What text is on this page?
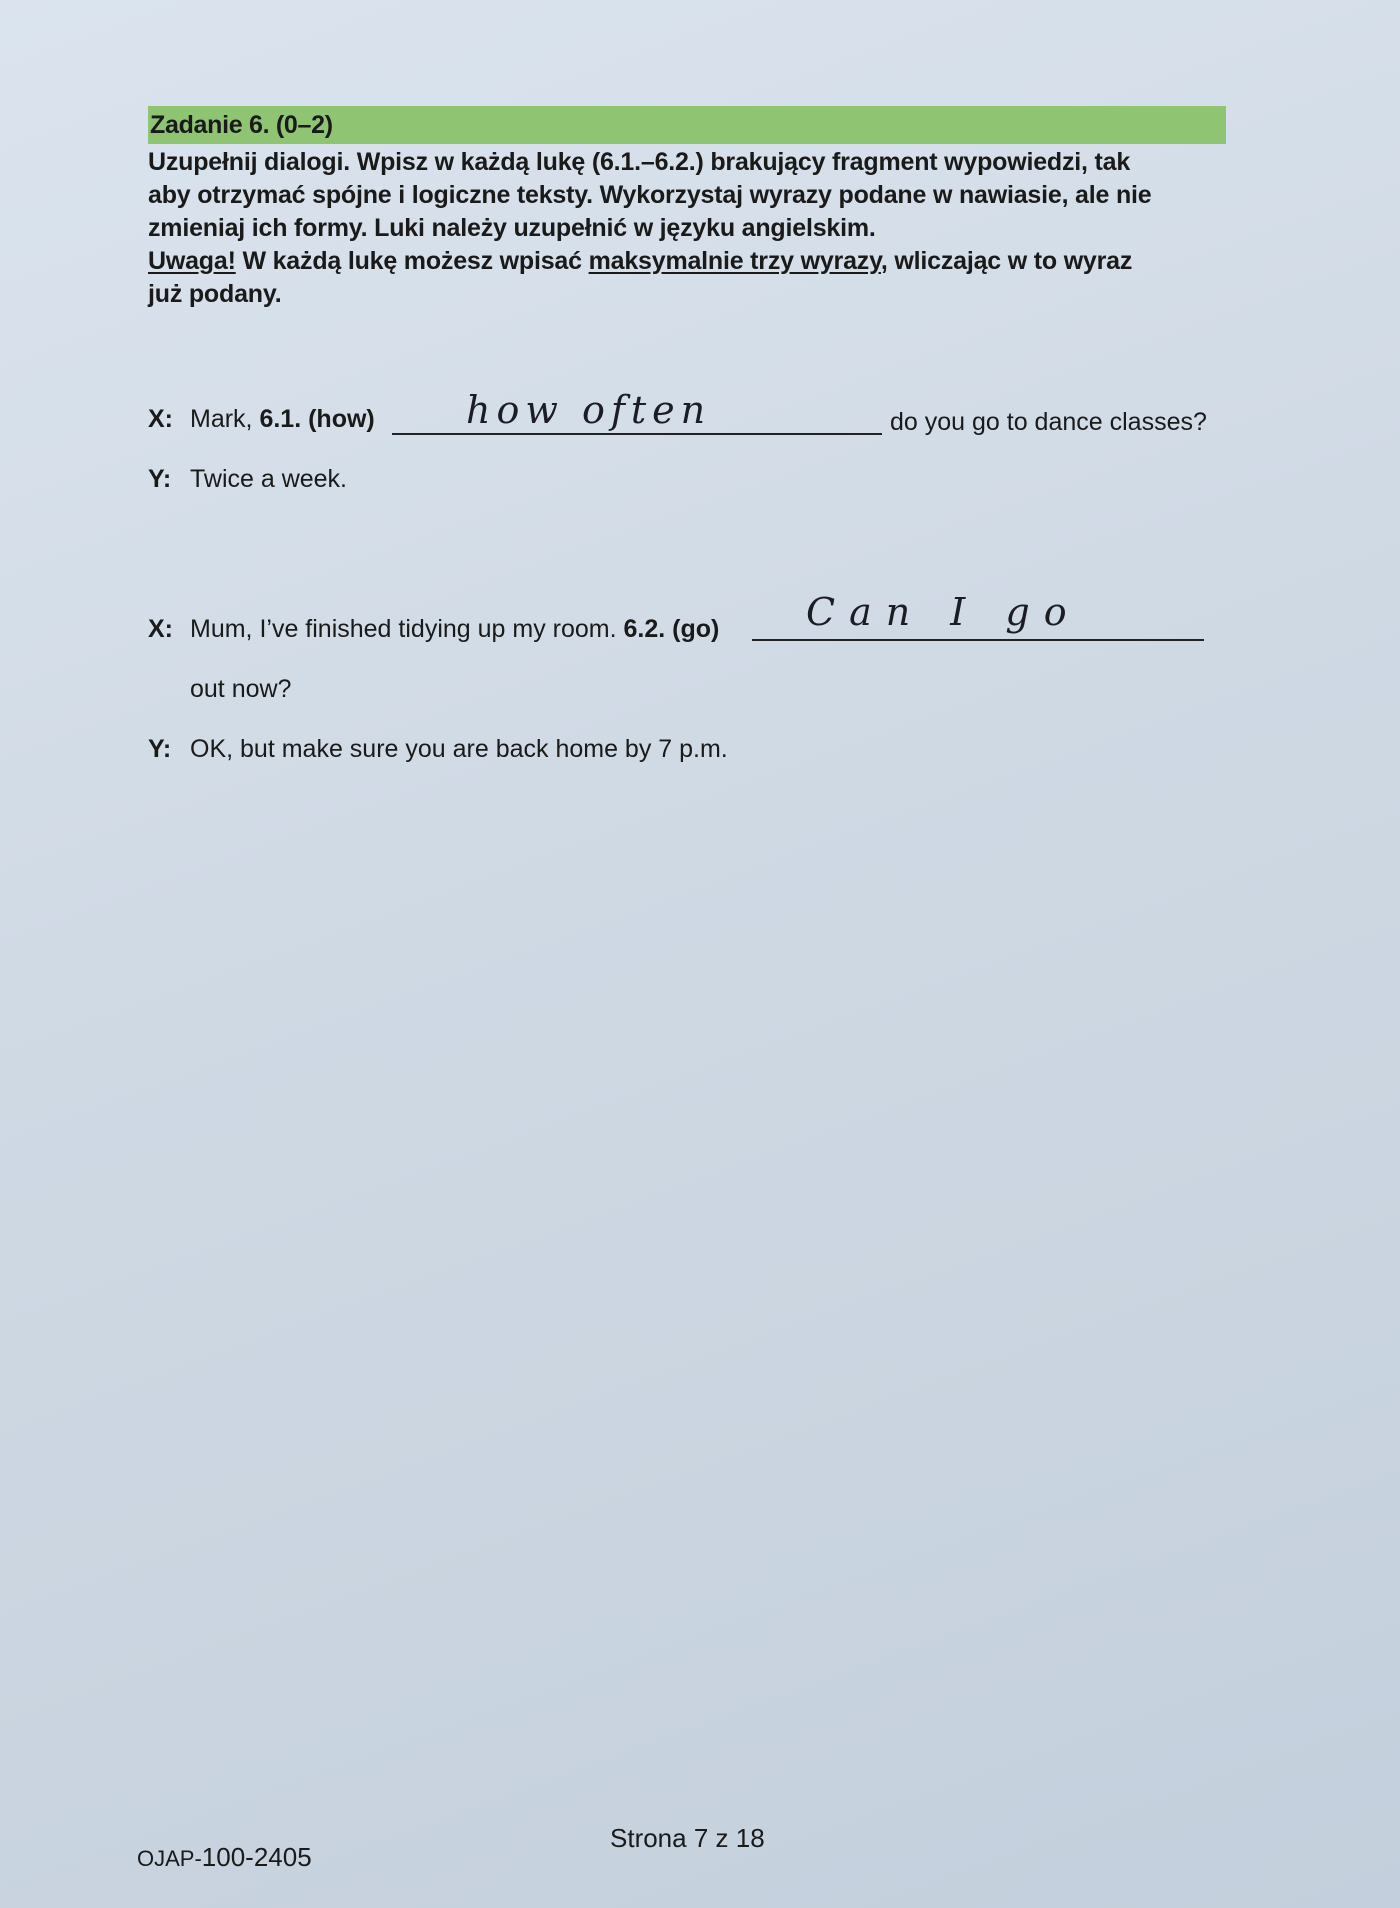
Zadanie 6. (0–2)
Uzupełnij dialogi. Wpisz w każdą lukę (6.1.–6.2.) brakujący fragment wypowiedzi, tak
aby otrzymać spójne i logiczne teksty. Wykorzystaj wyrazy podane w nawiasie, ale nie
zmieniaj ich formy. Luki należy uzupełnić w języku angielskim.
Uwaga! W każdą lukę możesz wpisać maksymalnie trzy wyrazy, wliczając w to wyraz
już podany.
X: Mark, 6.1. (how) how often	do you go to dance classes?
Y: Twice a week.
X: Mum, I’ve finished tidying up my room. 6.2. (go) Can I go
out now?
Y: OK, but make sure you are back home by 7 p.m.
OJAP-100-2405
Strona 7 z 18
